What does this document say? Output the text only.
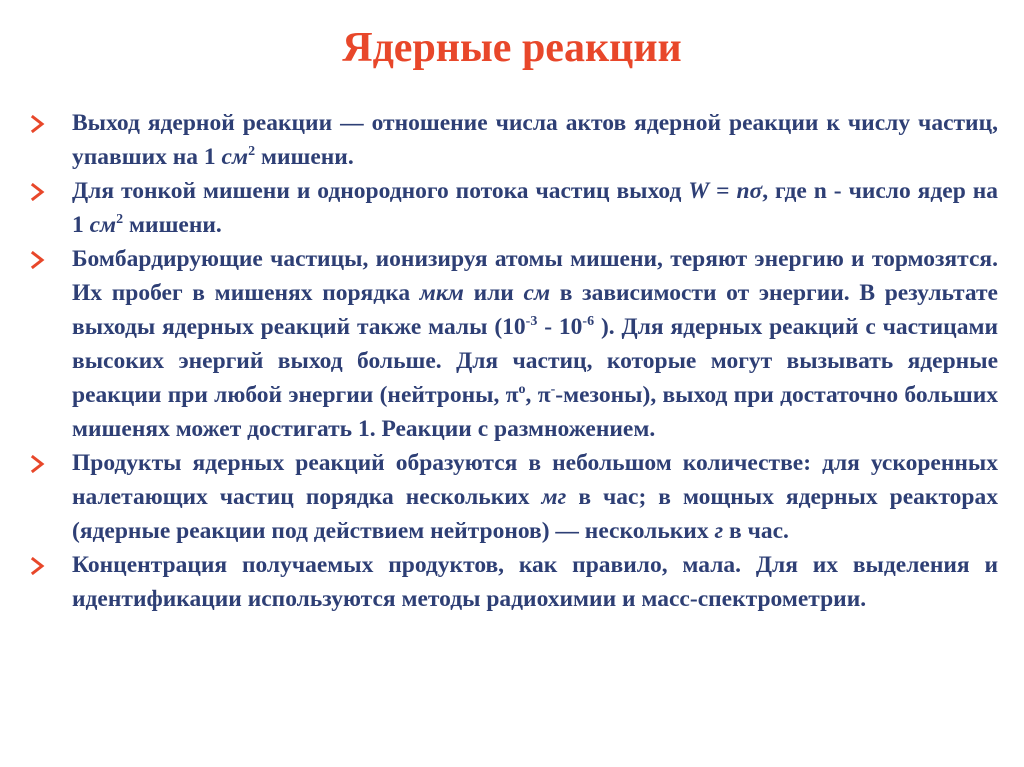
Ядерные реакции
Выход ядерной реакции — отношение числа актов ядерной реакции к числу частиц, упавших на 1 $см^2$ мишени.
Для тонкой мишени и однородного потока частиц выход W = nσ, где n - число ядер на 1 $см^2$ мишени.
Бомбардирующие частицы, ионизируя атомы мишени, теряют энергию и тормозятся. Их пробег в мишенях порядка мкм или см в зависимости от энергии. В результате выходы ядерных реакций также малы ($10^{-3} - 10^{-6}$ ). Для ядерных реакций с частицами высоких энергий выход больше. Для частиц, которые могут вызывать ядерные реакции при любой энергии (нейтроны, $\pi^o$, π--мезоны), выход при достаточно больших мишенях может достигать 1. Реакции с размножением.
Продукты ядерных реакций образуются в небольшом количестве: для ускоренных налетающих частиц порядка нескольких мг в час; в мощных ядерных реакторах (ядерные реакции под действием нейтронов) — нескольких г в час.
Концентрация получаемых продуктов, как правило, мала. Для их выделения и идентификации используются методы радиохимии и масс-спектрометрии.
